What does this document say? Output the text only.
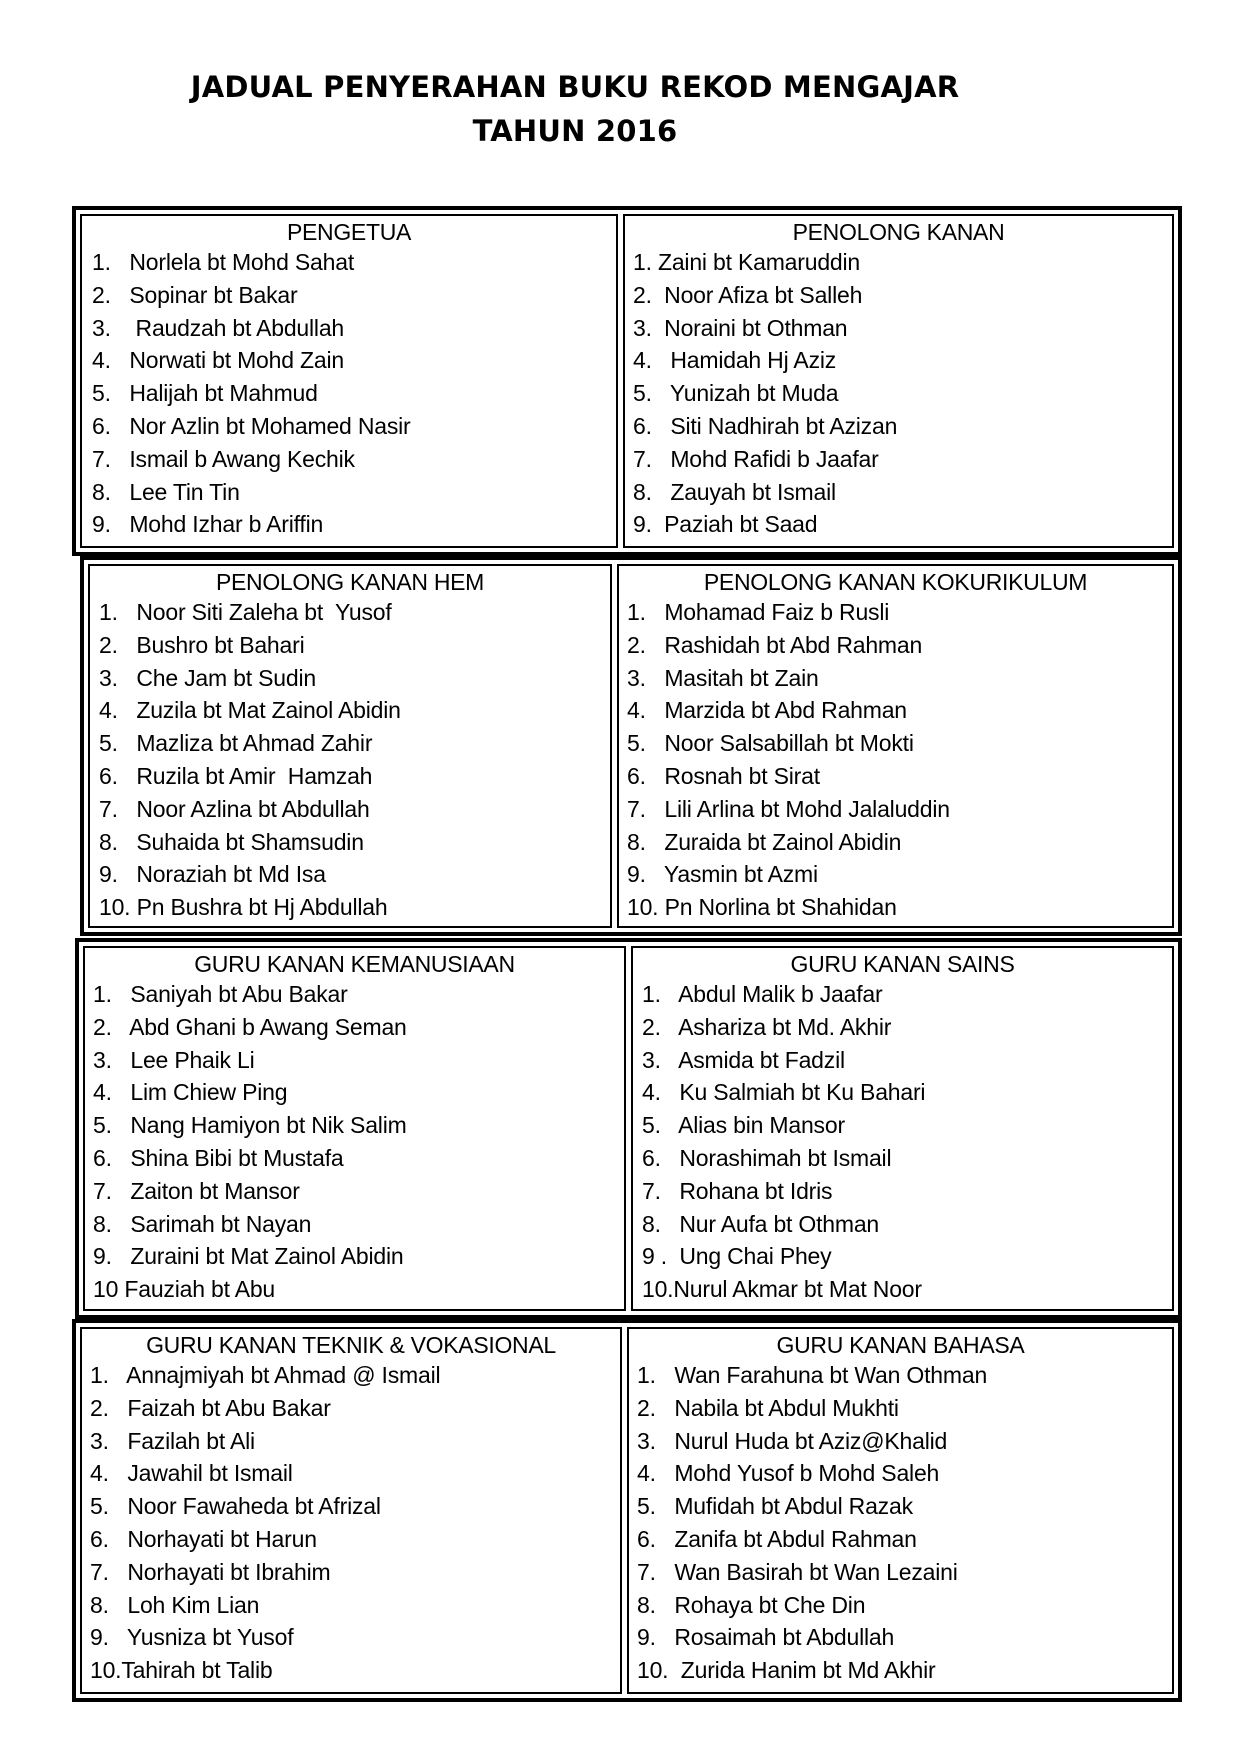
JADUAL PENYERAHAN BUKU REKOD MENGAJAR
TAHUN 2016
PENGETUA
1.   Norlela bt Mohd Sahat
2.   Sopinar bt Bakar
3.    Raudzah bt Abdullah
4.   Norwati bt Mohd Zain
5.   Halijah bt Mahmud
6.   Nor Azlin bt Mohamed Nasir
7.   Ismail b Awang Kechik
8.   Lee Tin Tin
9.   Mohd Izhar b Ariffin
PENOLONG KANAN
1. Zaini bt Kamaruddin
2.  Noor Afiza bt Salleh
3.  Noraini bt Othman
4.   Hamidah Hj Aziz
5.   Yunizah bt Muda
6.   Siti Nadhirah bt Azizan
7.   Mohd Rafidi b Jaafar
8.   Zauyah bt Ismail
9.  Paziah bt Saad
PENOLONG KANAN HEM
1.   Noor Siti Zaleha bt  Yusof
2.   Bushro bt Bahari
3.   Che Jam bt Sudin
4.   Zuzila bt Mat Zainol Abidin
5.   Mazliza bt Ahmad Zahir
6.   Ruzila bt Amir  Hamzah
7.   Noor Azlina bt Abdullah
8.   Suhaida bt Shamsudin
9.   Noraziah bt Md Isa
10. Pn Bushra bt Hj Abdullah
PENOLONG KANAN KOKURIKULUM
1.   Mohamad Faiz b Rusli
2.   Rashidah bt Abd Rahman
3.   Masitah bt Zain
4.   Marzida bt Abd Rahman
5.   Noor Salsabillah bt Mokti
6.   Rosnah bt Sirat
7.   Lili Arlina bt Mohd Jalaluddin
8.   Zuraida bt Zainol Abidin
9.   Yasmin bt Azmi
10. Pn Norlina bt Shahidan
GURU KANAN KEMANUSIAAN
1.   Saniyah bt Abu Bakar
2.   Abd Ghani b Awang Seman
3.   Lee Phaik Li
4.   Lim Chiew Ping
5.   Nang Hamiyon bt Nik Salim
6.   Shina Bibi bt Mustafa
7.   Zaiton bt Mansor
8.   Sarimah bt Nayan
9.   Zuraini bt Mat Zainol Abidin
10 Fauziah bt Abu
GURU KANAN SAINS
1.   Abdul Malik b Jaafar
2.   Ashariza bt Md. Akhir
3.   Asmida bt Fadzil
4.   Ku Salmiah bt Ku Bahari
5.   Alias bin Mansor
6.   Norashimah bt Ismail
7.   Rohana bt Idris
8.   Nur Aufa bt Othman
9 .  Ung Chai Phey
10.Nurul Akmar bt Mat Noor
GURU KANAN TEKNIK & VOKASIONAL
1.   Annajmiyah bt Ahmad @ Ismail
2.   Faizah bt Abu Bakar
3.   Fazilah bt Ali
4.   Jawahil bt Ismail
5.   Noor Fawaheda bt Afrizal
6.   Norhayati bt Harun
7.   Norhayati bt Ibrahim
8.   Loh Kim Lian
9.   Yusniza bt Yusof
10.Tahirah bt Talib
GURU KANAN BAHASA
1.   Wan Farahuna bt Wan Othman
2.   Nabila bt Abdul Mukhti
3.   Nurul Huda bt Aziz@Khalid
4.   Mohd Yusof b Mohd Saleh
5.   Mufidah bt Abdul Razak
6.   Zanifa bt Abdul Rahman
7.   Wan Basirah bt Wan Lezaini
8.   Rohaya bt Che Din
9.   Rosaimah bt Abdullah
10.  Zurida Hanim bt Md Akhir
